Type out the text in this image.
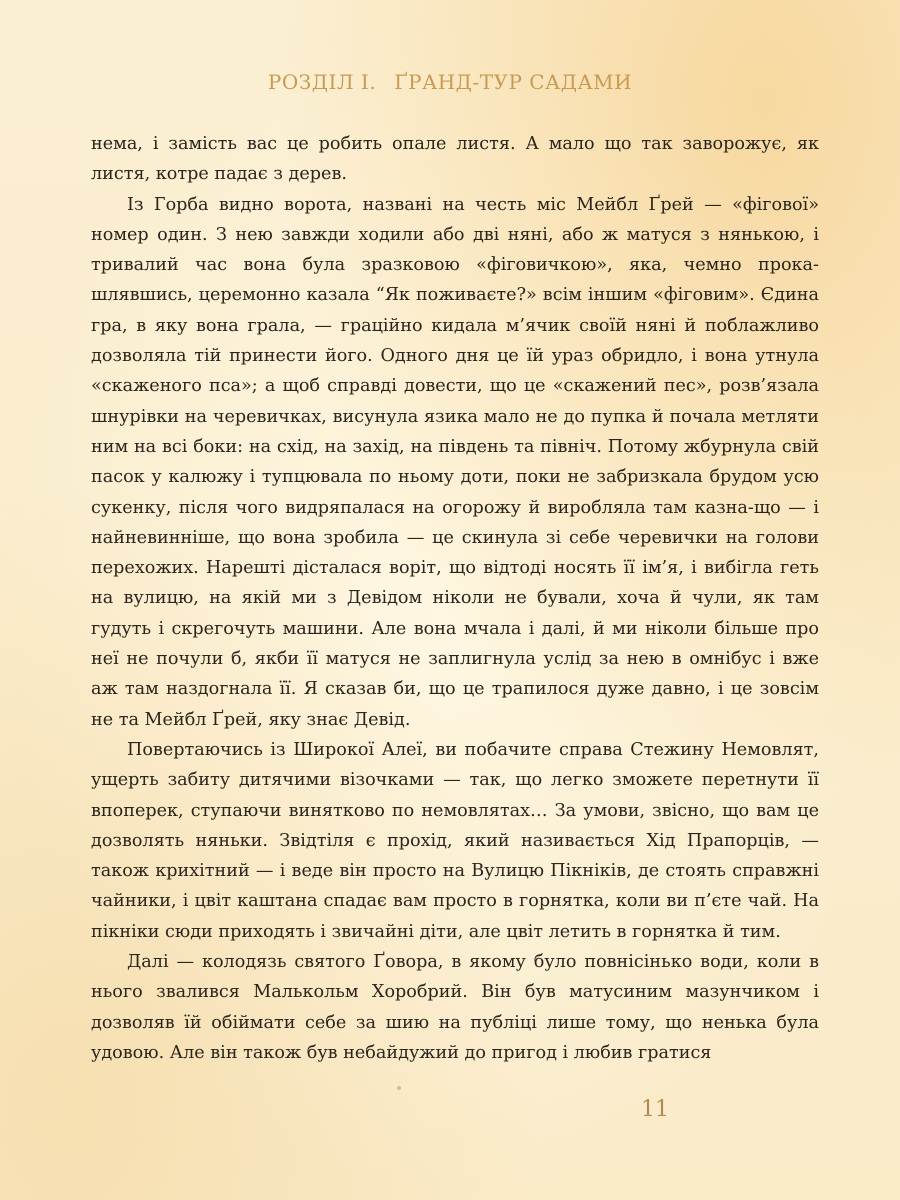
РОЗДІЛ І. ҐРАНД-ТУР САДАМИ

нема, і замість вас це робить опале листя. А мало що так заворожує, як листя, котре падає з дерев.

Із Горба видно ворота, названі на честь міс Мейбл Ґрей — «фігової» номер один. З нею завжди ходили або дві няні, або ж матуся з нянькою, і тривалий час вона була зразковою «фіговичкою», яка, чемно прокашлявшись, церемонно казала “Як поживаєте?» всім іншим «фіговим». Єдина гра, в яку вона грала, — граційно кидала м’ячик своїй няні й поблажливо дозволяла тій принести його. Одного дня це їй ураз обридло, і вона утнула «скаженого пса»; а щоб справді довести, що це «скажений пес», розв’язала шнурівки на черевичках, висунула язика мало не до пупка й почала метляти ним на всі боки: на схід, на захід, на південь та північ. Потому жбурнула свій пасок у калюжу і тупцювала по ньому доти, поки не забризкала брудом усю сукенку, після чого видряпалася на огорожу й виробляла там казна-що — і найневинніше, що вона зробила — це скинула зі себе черевички на голови перехожих. Нарешті дісталася воріт, що відтоді носять її ім’я, і вибігла геть на вулицю, на якій ми з Девідом ніколи не бували, хоча й чули, як там гудуть і скрегочуть машини. Але вона мчала і далі, й ми ніколи більше про неї не почули б, якби її матуся не заплигнула услід за нею в омнібус і вже аж там наздогнала її. Я сказав би, що це трапилося дуже давно, і це зовсім не та Мейбл Ґрей, яку знає Девід.

Повертаючись із Широкої Алеї, ви побачите справа Стежину Немовлят, ущерть забиту дитячими візочками — так, що легко зможете перетнути її впоперек, ступаючи винятково по немовлятах… За умови, звісно, що вам це дозволять няньки. Звідтіля є прохід, який називається Хід Прапорців, — також крихітний — і веде він просто на Вулицю Пікніків, де стоять справжні чайники, і цвіт каштана спадає вам просто в горнятка, коли ви п’єте чай. На пікніки сюди приходять і звичайні діти, але цвіт летить в горнятка й тим.

Далі — колодязь святого Ґовора, в якому було повнісінько води, коли в нього звалився Малькольм Хоробрий. Він був матусиним мазунчиком і дозволяв їй обіймати себе за шию на публіці лише тому, що ненька була удовою. Але він також був небайдужий до пригод і любив гратися

11
